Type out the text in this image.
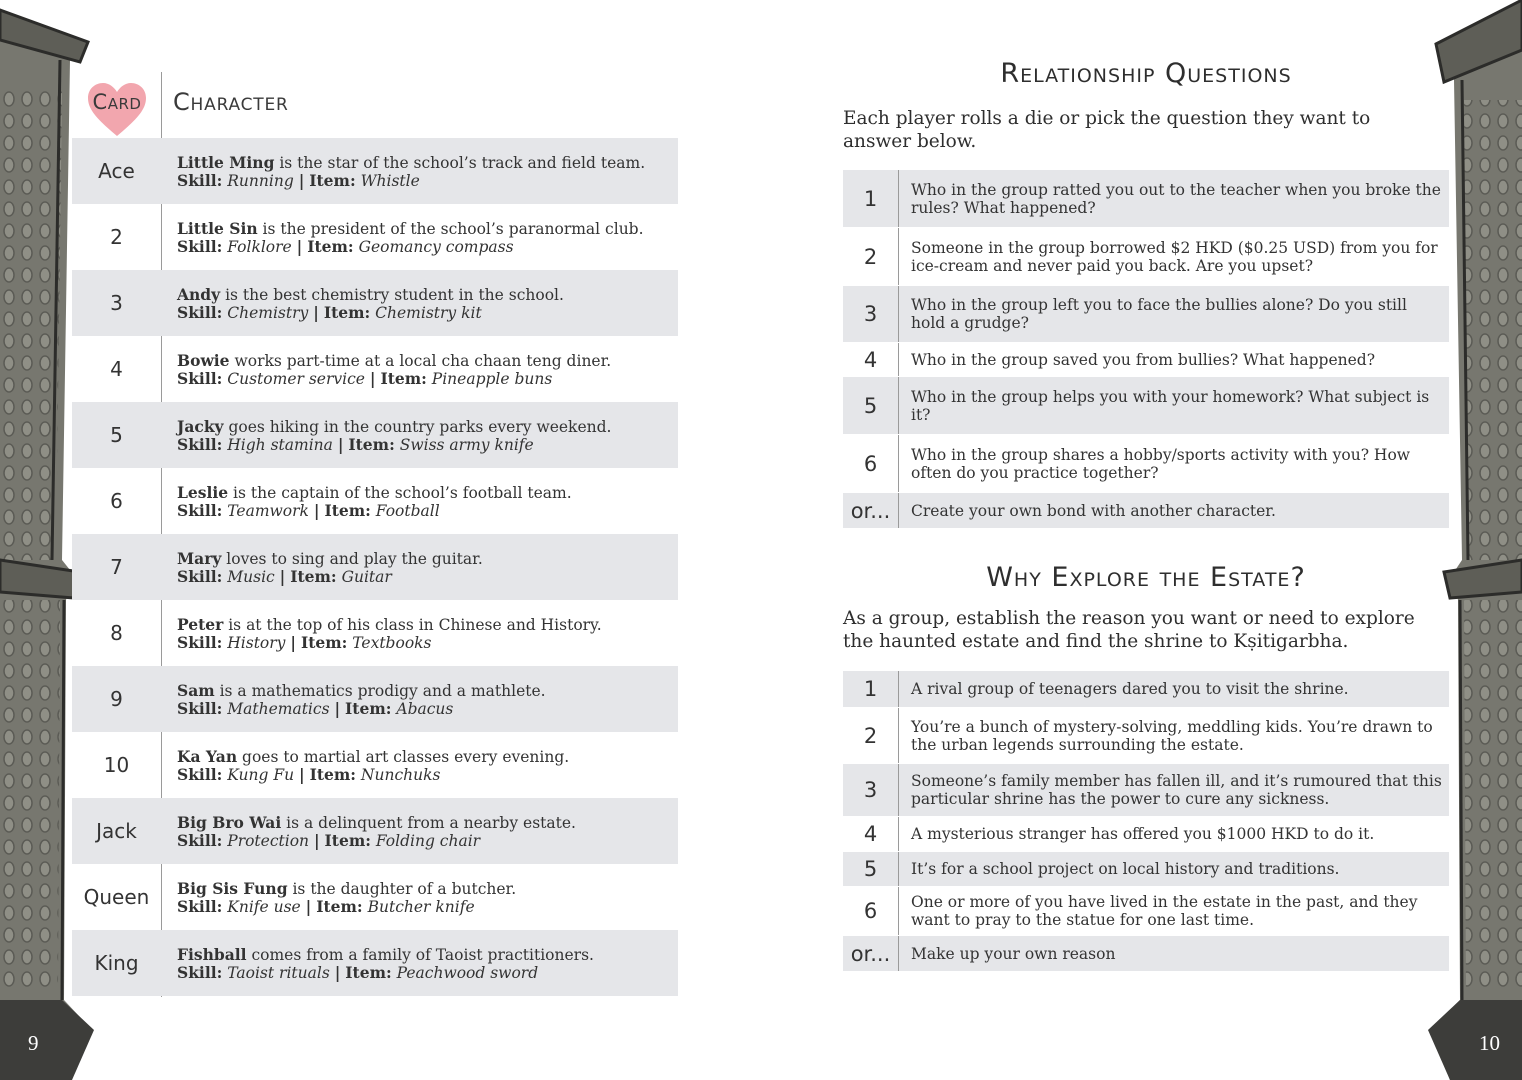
9	10
Card Character
Ace	Little Ming is the star of the school’s track and field team.
Skill: Running | Item: Whistle
2	Little Sin is the president of the school’s paranormal club.
Skill: Folklore | Item: Geomancy compass
3	Andy is the best chemistry student in the school.
Skill: Chemistry | Item: Chemistry kit
4	Bowie works part-time at a local cha chaan teng diner.
Skill: Customer service | Item: Pineapple buns
5	Jacky goes hiking in the country parks every weekend.
Skill: High stamina | Item: Swiss army knife
6	Leslie is the captain of the school’s football team.
Skill: Teamwork | Item: Football
7	Mary loves to sing and play the guitar.
Skill: Music | Item: Guitar
8	Peter is at the top of his class in Chinese and History.
Skill: History | Item: Textbooks
9	Sam is a mathematics prodigy and a mathlete.
Skill: Mathematics | Item: Abacus
10	Ka Yan goes to martial art classes every evening.
Skill: Kung Fu | Item: Nunchuks
Jack	Big Bro Wai is a delinquent from a nearby estate.
Skill: Protection | Item: Folding chair
Queen	Big Sis Fung is the daughter of a butcher.
Skill: Knife use | Item: Butcher knife
King	Fishball comes from a family of Taoist practitioners.
Skill: Taoist rituals | Item: Peachwood sword
Relationship Questions
Each player rolls a die or pick the question they want to answer below.
1	Who in the group ratted you out to the teacher when you broke the rules? What happened?
2	Someone in the group borrowed $2 HKD ($0.25 USD) from you for ice-cream and never paid you back. Are you upset?
3	Who in the group left you to face the bullies alone? Do you still hold a grudge?
4	Who in the group saved you from bullies? What happened?
5	Who in the group helps you with your homework? What subject is it?
6	Who in the group shares a hobby/sports activity with you? How often do you practice together?
or...	Create your own bond with another character.
Why Explore the Estate?
As a group, establish the reason you want or need to explore the haunted estate and find the shrine to Kṣitigarbha.
1	A rival group of teenagers dared you to visit the shrine.
2	You’re a bunch of mystery-solving, meddling kids. You’re drawn to the urban legends surrounding the estate.
3	Someone’s family member has fallen ill, and it’s rumoured that this particular shrine has the power to cure any sickness.
4	A mysterious stranger has offered you $1000 HKD to do it.
5	It’s for a school project on local history and traditions.
6	One or more of you have lived in the estate in the past, and they want to pray to the statue for one last time.
or...	Make up your own reason
